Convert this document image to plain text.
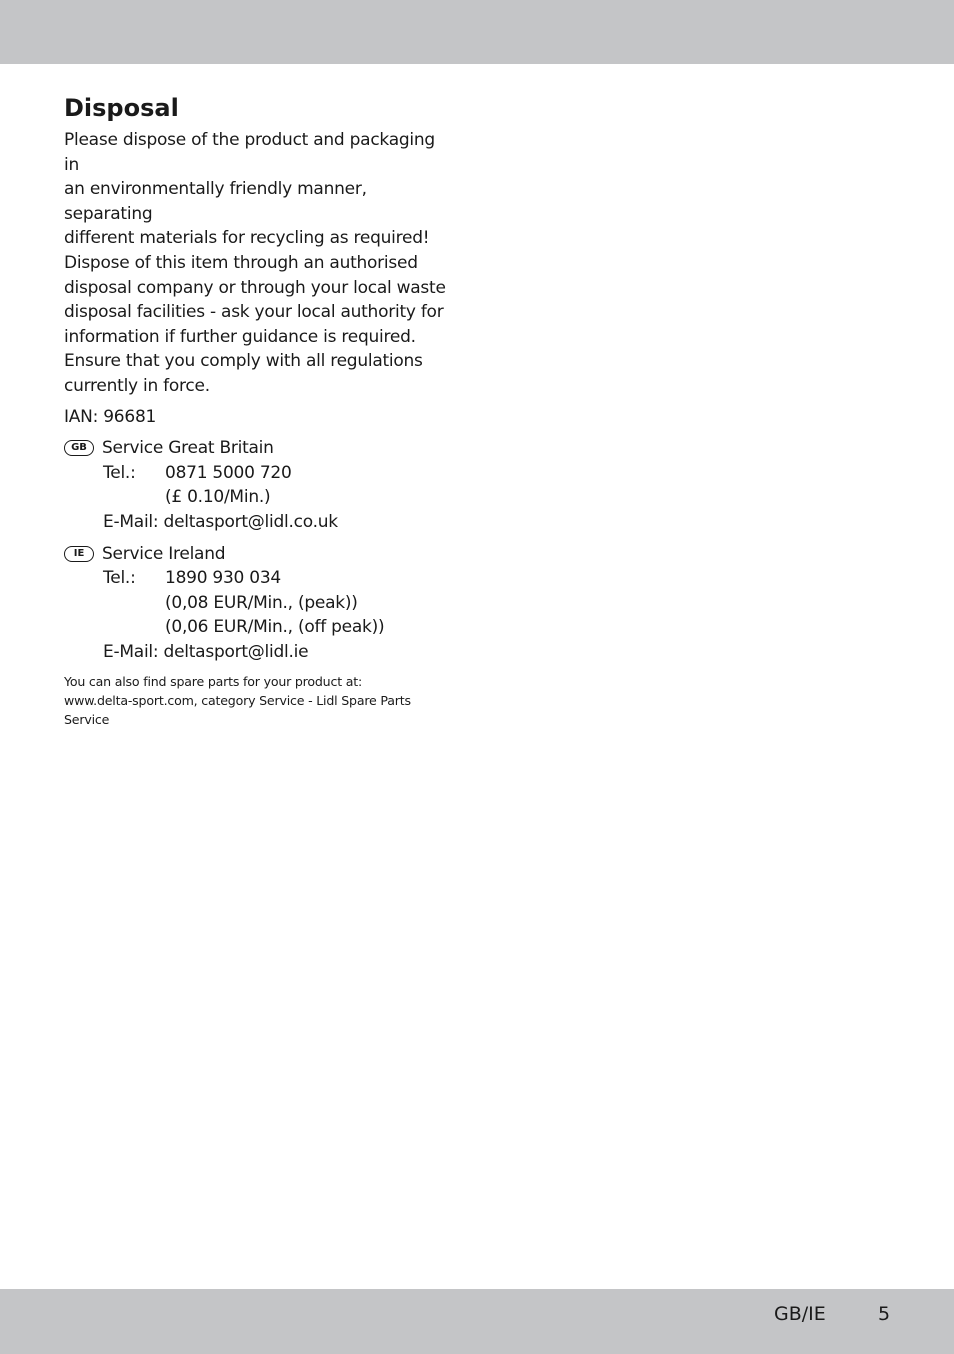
Disposal
Please dispose of the product and packaging in
an environmentally friendly manner, separating
different materials for recycling as required!
Dispose of this item through an authorised
disposal company or through your local waste
disposal facilities - ask your local authority for
information if further guidance is required.
Ensure that you comply with all regulations
currently in force.
IAN: 96681
GB Service Great Britain
Tel.:	0871 5000 720
(£ 0.10/Min.)
E-Mail: deltasport@lidl.co.uk
IE	Service Ireland
Tel.:	1890 930 034
(0,08 EUR/Min., (peak))
(0,06 EUR/Min., (off peak))
E-Mail: deltasport@lidl.ie
You can also find spare parts for your product at:
www.delta-sport.com, category Service - Lidl Spare Parts
Service
GB/IE	5
